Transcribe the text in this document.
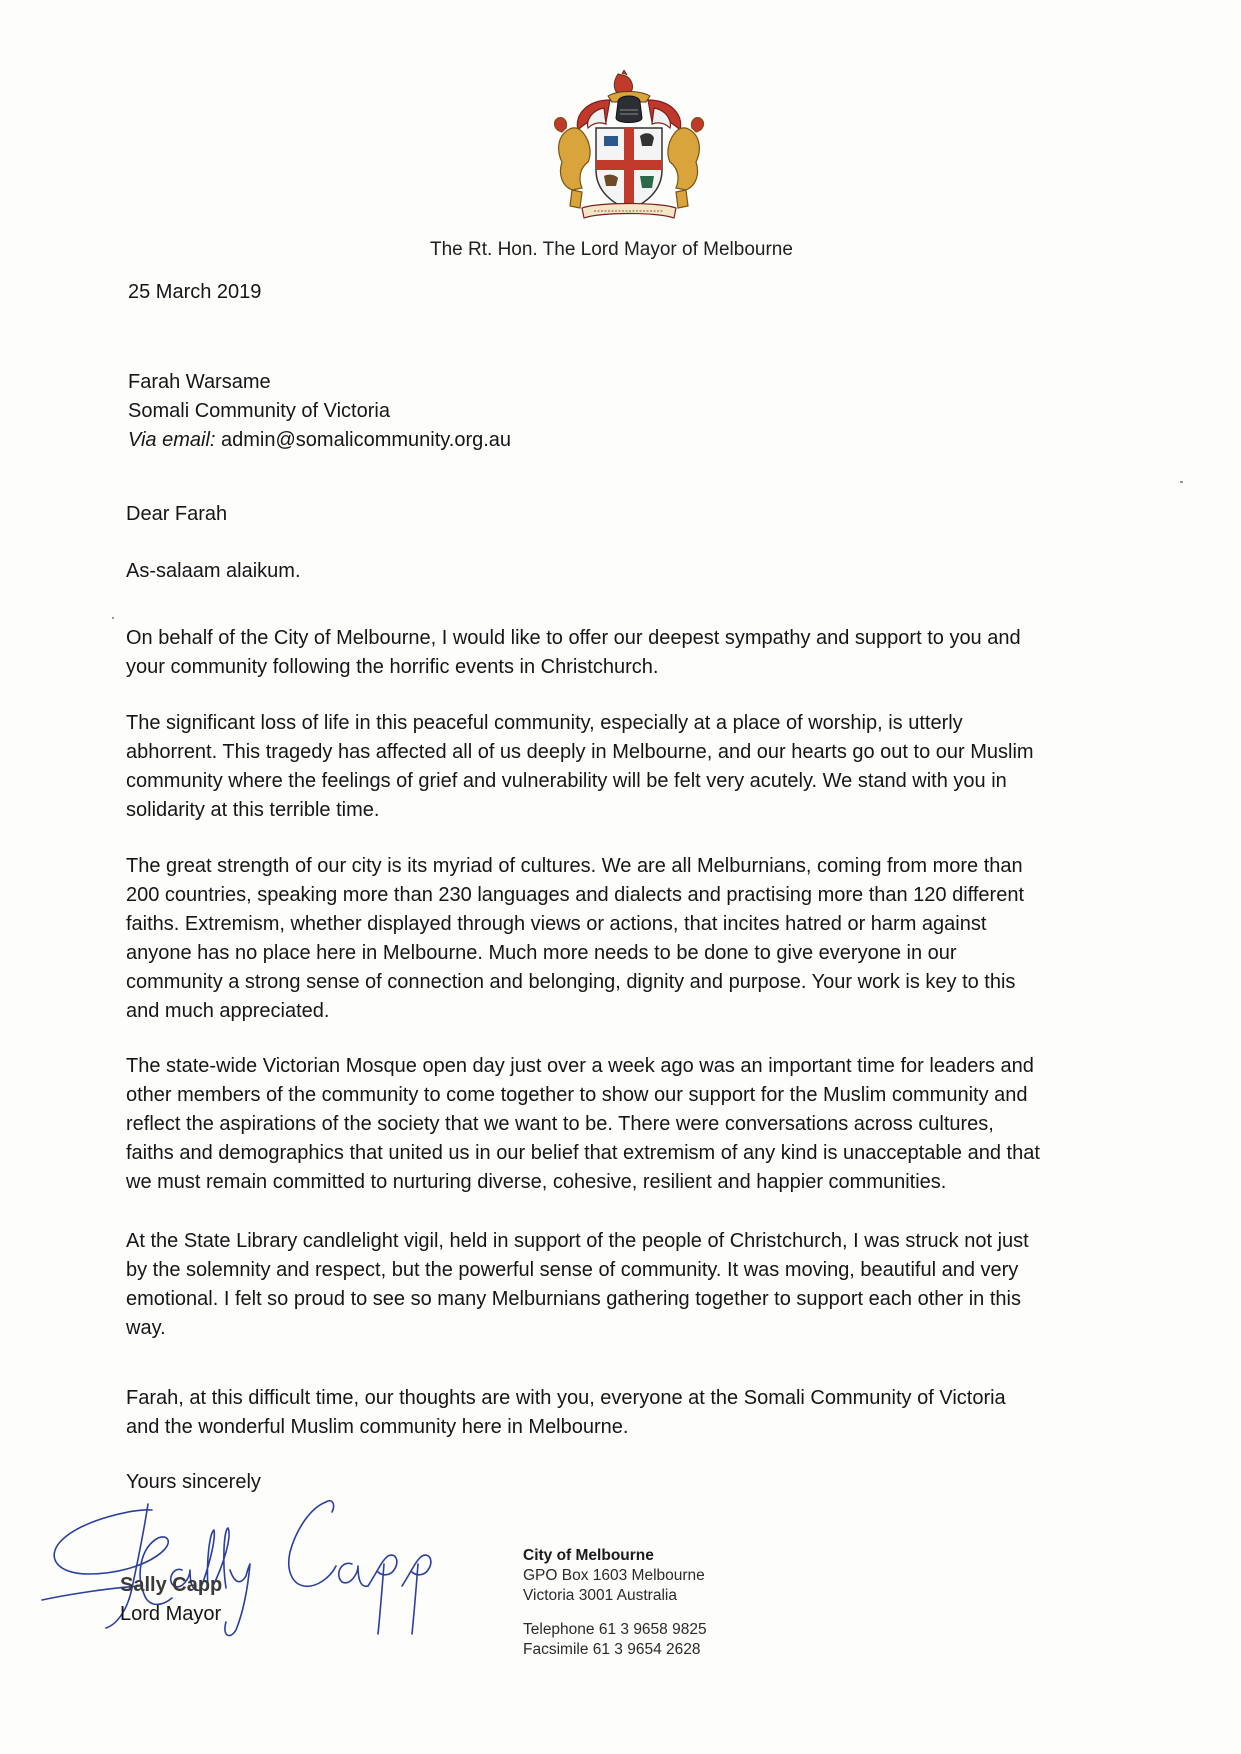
The Rt. Hon. The Lord Mayor of Melbourne
25 March 2019
Farah Warsame
Somali Community of Victoria
Via email: admin@somalicommunity.org.au
Dear Farah
As-salaam alaikum.
On behalf of the City of Melbourne, I would like to offer our deepest sympathy and support to you and
your community following the horrific events in Christchurch.
The significant loss of life in this peaceful community, especially at a place of worship, is utterly
abhorrent. This tragedy has affected all of us deeply in Melbourne, and our hearts go out to our Muslim
community where the feelings of grief and vulnerability will be felt very acutely. We stand with you in
solidarity at this terrible time.
The great strength of our city is its myriad of cultures. We are all Melburnians, coming from more than
200 countries, speaking more than 230 languages and dialects and practising more than 120 different
faiths. Extremism, whether displayed through views or actions, that incites hatred or harm against
anyone has no place here in Melbourne. Much more needs to be done to give everyone in our
community a strong sense of connection and belonging, dignity and purpose. Your work is key to this
and much appreciated.
The state-wide Victorian Mosque open day just over a week ago was an important time for leaders and
other members of the community to come together to show our support for the Muslim community and
reflect the aspirations of the society that we want to be. There were conversations across cultures,
faiths and demographics that united us in our belief that extremism of any kind is unacceptable and that
we must remain committed to nurturing diverse, cohesive, resilient and happier communities.
At the State Library candlelight vigil, held in support of the people of Christchurch, I was struck not just
by the solemnity and respect, but the powerful sense of community. It was moving, beautiful and very
emotional. I felt so proud to see so many Melburnians gathering together to support each other in this
way.
Farah, at this difficult time, our thoughts are with you, everyone at the Somali Community of Victoria
and the wonderful Muslim community here in Melbourne.
Yours sincerely
Sally Capp
Lord Mayor
City of Melbourne
GPO Box 1603 Melbourne
Victoria 3001 Australia
Telephone 61 3 9658 9825
Facsimile 61 3 9654 2628
